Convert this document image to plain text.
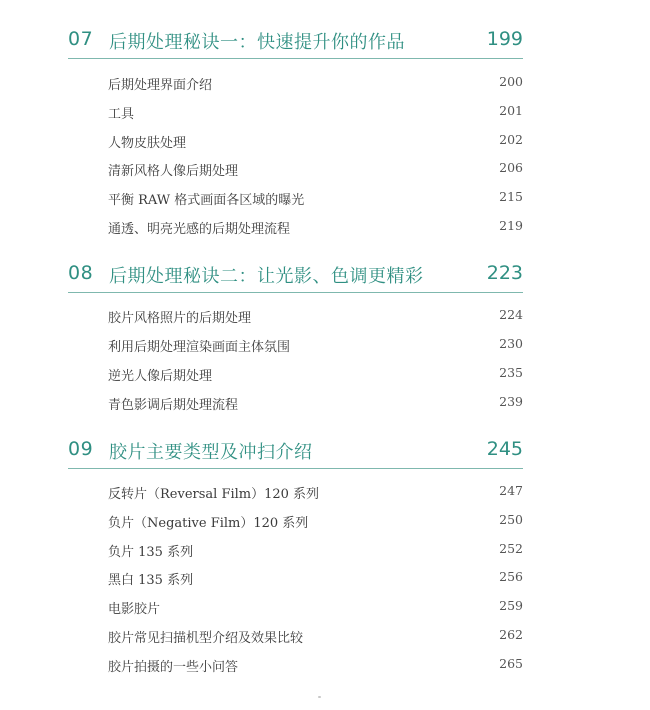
07 后期处理秘诀一：快速提升你的作品	199
后期处理界面介绍	200
工具	201
人物皮肤处理	202
清新风格人像后期处理	206
平衡 RAW 格式画面各区域的曝光	215
通透、明亮光感的后期处理流程	219
08 后期处理秘诀二：让光影、色调更精彩	223
胶片风格照片的后期处理	224
利用后期处理渲染画面主体氛围	230
逆光人像后期处理	235
青色影调后期处理流程	239
09 胶片主要类型及冲扫介绍	245
反转片（Reversal Film）120 系列	247
负片（Negative Film）120 系列	250
负片 135 系列	252
黑白 135 系列	256
电影胶片	259
胶片常见扫描机型介绍及效果比较	262
胶片拍摄的一些小问答	265
